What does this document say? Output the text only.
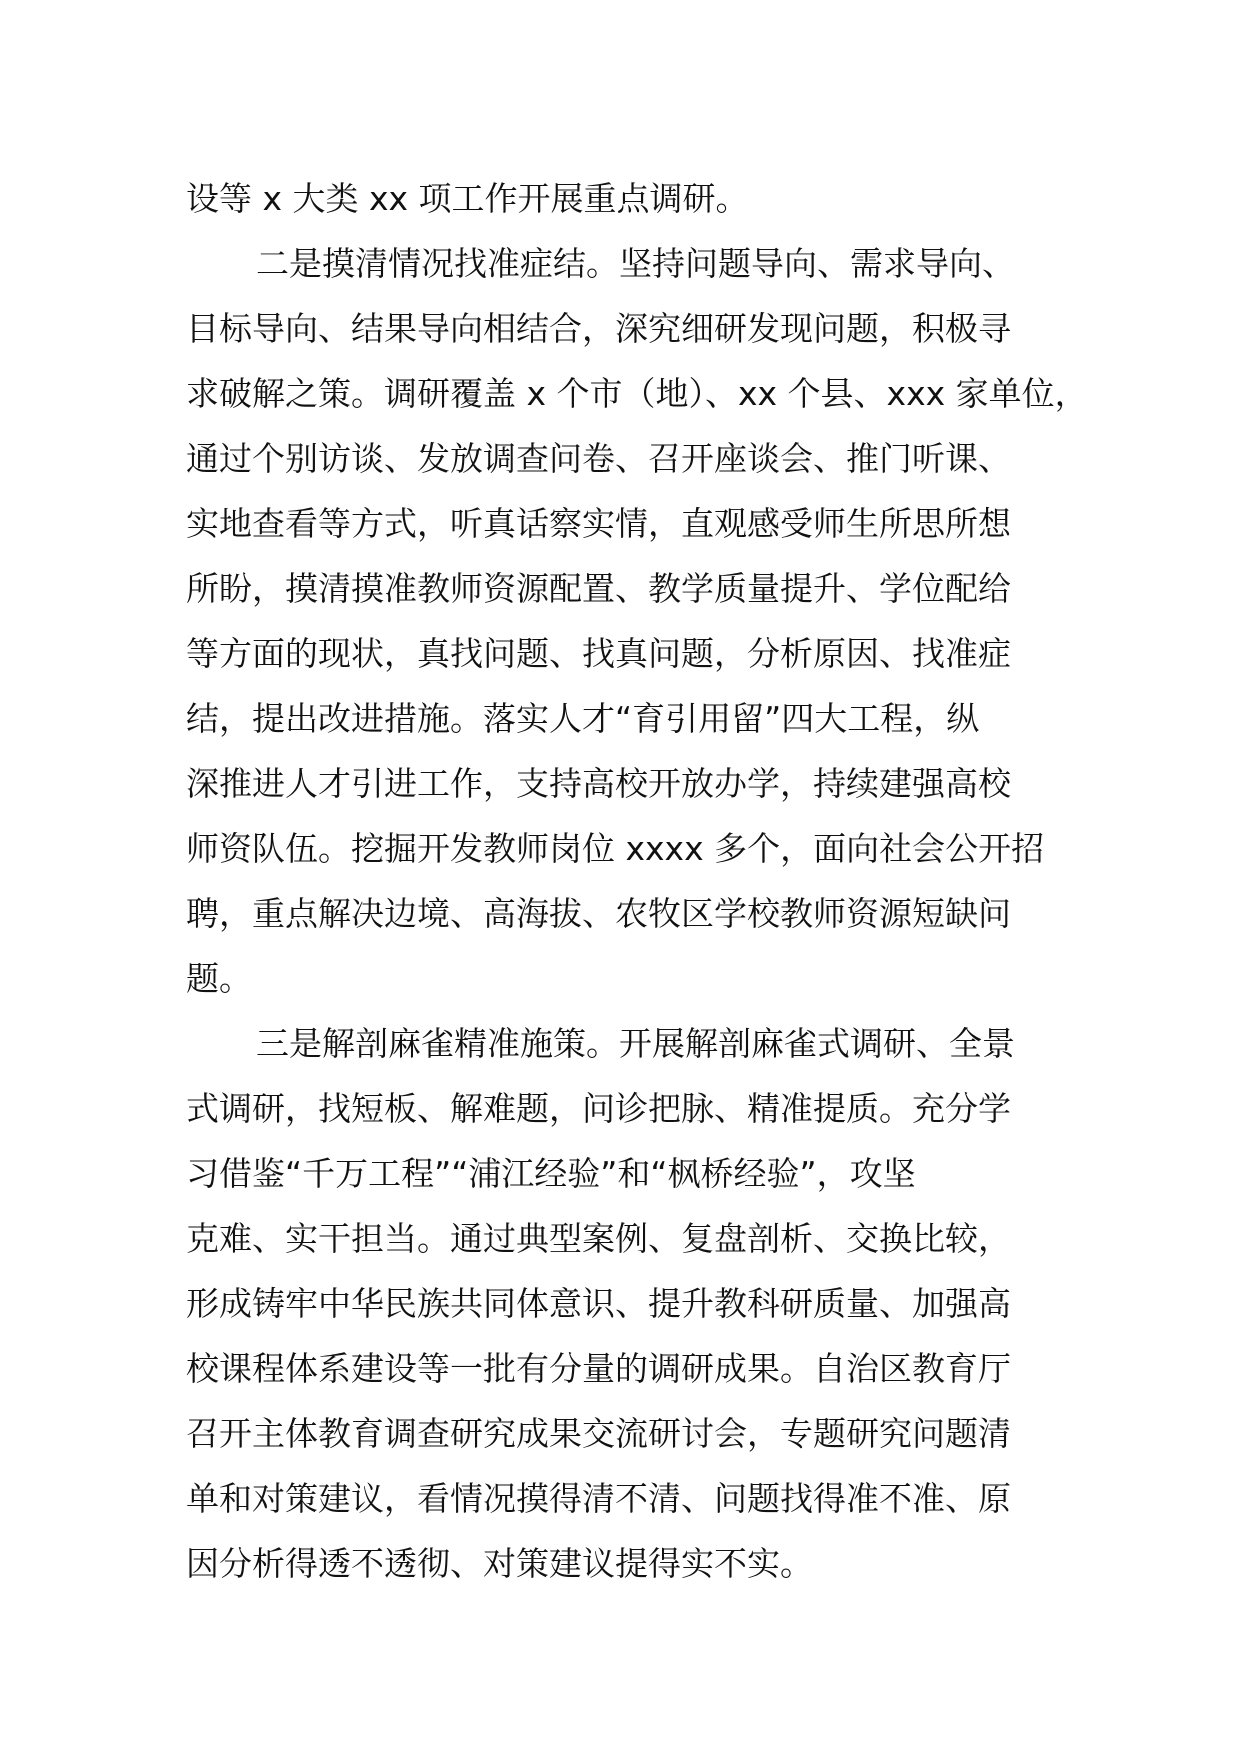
设等 x 大类 xx 项工作开展重点调研。
二是摸清情况找准症结。坚持问题导向、需求导向、
目标导向、结果导向相结合，深究细研发现问题，积极寻
求破解之策。调研覆盖 x 个市（地）、xx 个县、xxx 家单位，
通过个别访谈、发放调查问卷、召开座谈会、推门听课、
实地查看等方式，听真话察实情，直观感受师生所思所想
所盼，摸清摸准教师资源配置、教学质量提升、学位配给
等方面的现状，真找问题、找真问题，分析原因、找准症
结，提出改进措施。落实人才“育引用留”四大工程，纵
深推进人才引进工作，支持高校开放办学，持续建强高校
师资队伍。挖掘开发教师岗位 xxxx 多个，面向社会公开招
聘，重点解决边境、高海拔、农牧区学校教师资源短缺问
题。
三是解剖麻雀精准施策。开展解剖麻雀式调研、全景
式调研，找短板、解难题，问诊把脉、精准提质。充分学
习借鉴“千万工程”“浦江经验”和“枫桥经验”，攻坚
克难、实干担当。通过典型案例、复盘剖析、交换比较，
形成铸牢中华民族共同体意识、提升教科研质量、加强高
校课程体系建设等一批有分量的调研成果。自治区教育厅
召开主体教育调查研究成果交流研讨会，专题研究问题清
单和对策建议，看情况摸得清不清、问题找得准不准、原
因分析得透不透彻、对策建议提得实不实。
